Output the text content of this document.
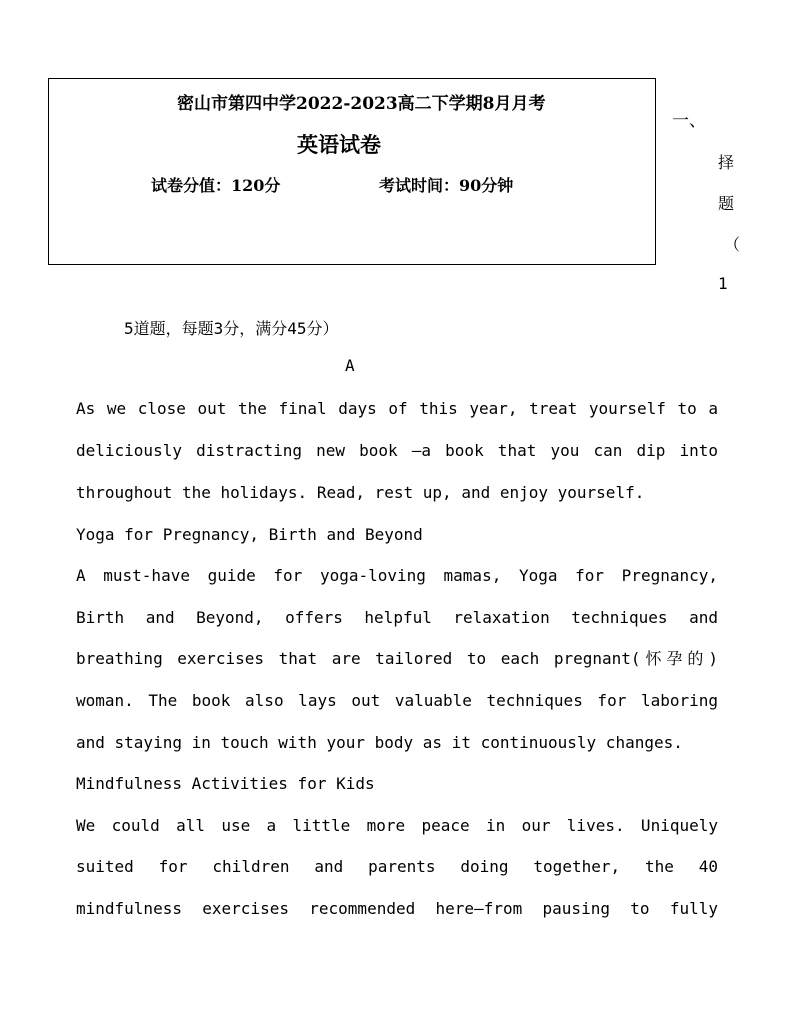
密山市第四中学2022-2023高二下学期8月月考
英语试卷
试卷分值：120分	考试时间：90分钟
一、
择
题
（
1
5道题，每题3分，满分45分）
A
As we close out the final days of this year, treat yourself to a
deliciously distracting new book —a book that you can dip into
throughout the holidays. Read, rest up, and enjoy yourself.
Yoga for Pregnancy, Birth and Beyond
A must-have guide for yoga-loving mamas, Yoga for Pregnancy,
Birth and Beyond, offers helpful relaxation techniques and
breathing exercises that are tailored to each pregnant(怀孕的)
woman. The book also lays out valuable techniques for laboring
and staying in touch with your body as it continuously changes.
Mindfulness Activities for Kids
We could all use a little more peace in our lives. Uniquely
suited for children and parents doing together, the 40
mindfulness exercises recommended here—from pausing to fully
